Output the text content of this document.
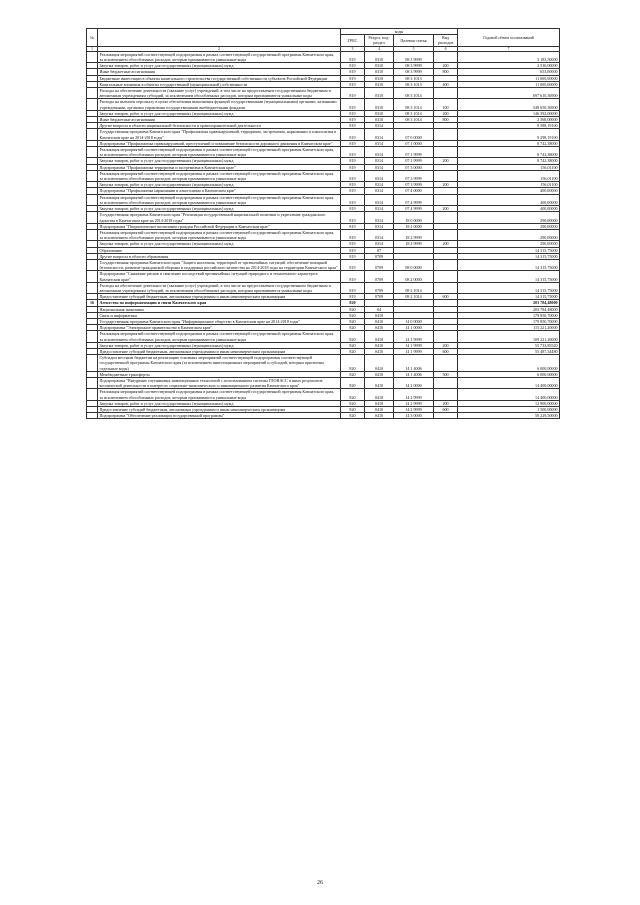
№		коды				Годовой объем ассигнований
		ГРБС	Раздел, под-раздел	Целевая статья	Вид расходов	
1	2	3	4	5	6	7
	Реализация мероприятий соответствующей подпрограммы в рамках соответствующей государственной программы Камчатского края, за исключением обособленных расходов, которым присваиваются уникальные коды	819	0310	08 3 9999		3 183,50000
	Закупка товаров, работ и услуг для государственных (муниципальных) нужд	819	0310	08 3 9999	200	2 530,00000
	Иные бюджетные ассигнования	819	0310	08 3 9999	800	653,00000
	Бюджетные инвестиции в объекты капитального строительства государственной собственности субъектов Российской Федерации	819	0310	08 3 1013		11 000,00000
	Капитальные вложения в объекты государственной (муниципальной) собственности	819	0310	08 3 1013	400	11 000,00000
	Расходы на обеспечение деятельности (оказание услуг) учреждений, в том числе на предоставление государственным бюджетным и автономным учреждениям субсидий, за исключением обособленных расходов, которым присваиваются уникальные коды	819	0310	08 3 1014		697 610,36900
	Расходы на выплаты персоналу в целях обеспечения выполнения функций государственными (муниципальными) органами, казенными учреждениями, органами управления государственными внебюджетными фондами	819	0310	08 3 1014	100	548 650,36900
	Закупка товаров, работ и услуг для государственных (муниципальных) нужд	819	0310	08 3 1014	200	146 392,00000
	Иные бюджетные ассигнования	819	0310	08 3 1014	800	2 568,00000
	Другие вопросы в области национальной безопасности и правоохранительной деятельности	819	0314			9 588,19100
	Государственная программа Камчатского края "Профилактика правонарушений, терроризма, экстремизма, наркомании и алкоголизма в Камчатском крае на 2014-2018 годы"	819	0314	07 0 0000		9 298,19100
	Подпрограмма "Профилактика правонарушений, преступлений и повышение безопасности дорожного движения в Камчатском крае"	819	0314	07 1 0000		8 742,38000
	Реализация мероприятий соответствующей подпрограммы в рамках соответствующей государственной программы Камчатского края, за исключением обособленных расходов, которым присваиваются уникальные коды	819	0314	07 1 9999		8 742,38000
	Закупка товаров, работ и услуг для государственных (муниципальных) нужд	819	0314	07 1 9999	200	8 742,38000
	Подпрограмма "Профилактика терроризма и экстремизма в Камчатском крае"	819	0314	07 3 0000		156,01100
	Реализация мероприятий соответствующей подпрограммы в рамках соответствующей государственной программы Камчатского края, за исключением обособленных расходов, которым присваиваются уникальные коды	819	0314	07 3 9999		156,01100
	Закупка товаров, работ и услуг для государственных (муниципальных) нужд	819	0314	07 3 9999	200	156,01100
	Подпрограмма "Профилактика наркомании и алкоголизма в Камчатском крае"	819	0314	07 4 0000		400,00000
	Реализация мероприятий соответствующей подпрограммы в рамках соответствующей государственной программы Камчатского края, за исключением обособленных расходов, которым присваиваются уникальные коды	819	0314	07 4 9999		400,00000
	Закупка товаров, работ и услуг для государственных (муниципальных) нужд	819	0314	07 4 9999	200	400,00000
	Государственная программа Камчатского края "Реализация государственной национальной политики и укрепление гражданского единства в Камчатском крае на 2014-2018 годы"	819	0314	18 0 0000		290,00000
	Подпрограмма "Патриотическое воспитание граждан Российской Федерации в Камчатском крае"	819	0314	18 2 0000		290,00000
	Реализация мероприятий соответствующей подпрограммы в рамках соответствующей государственной программы Камчатского края, за исключением обособленных расходов, которым присваиваются уникальные коды	819	0314	18 2 9999		290,00000
	Закупка товаров, работ и услуг для государственных (муниципальных) нужд	819	0314	18 2 9999	200	290,00000
	Образование	819	07			14 315,75000
	Другие вопросы в области образования	819	0709			14 315,75000
	Государственная программа Камчатского края "Защита населения, территорий от чрезвычайных ситуаций, обеспечение пожарной безопасности, развитие гражданской обороны и поддержка российского казачества на 2014-2018 годы на территории Камчатского края"	819	0709	08 0 0000		14 315,75000
	Подпрограмма "Снижение рисков и смягчение последствий чрезвычайных ситуаций природного и техногенного характера в Камчатском крае"	819	0709	08 2 0000		14 315,75000
	Расходы на обеспечение деятельности (оказание услуг) учреждений, в том числе на предоставление государственным бюджетным и автономным учреждениям субсидий, за исключением обособленных расходов, которым присваиваются уникальные коды	819	0709	08 2 1014		14 315,75000
	Предоставление субсидий бюджетным, автономным учреждениям и иным некоммерческим организациям	819	0709	08 2 1014	600	14 315,75000
16	Агентство по информатизации и связи Камчатского края	820				203 784,48000
	Национальная экономика	820	04			203 784,48000
	Связь и информатика	820	0410			179 850,70000
	Государственная программа Камчатского края "Информационное общество в Камчатском крае на 2014-2018 годы"	820	0410	14 0 0000		179 850,70000
	Подпрограмма "Электронное правительство в Камчатском крае"	820	0410	14 1 0000		115 221,20000
	Реализация мероприятий соответствующей подпрограммы в рамках соответствующей государственной программы Камчатского края, за исключением обособленных расходов, которым присваиваются уникальные коды	820	0410	14 1 9999		109 221,20000
	Закупка товаров, работ и услуг для государственных (муниципальных) нужд	820	0410	14 1 9999	200	53 733,85520
	Предоставление субсидий бюджетным, автономным учреждениям и иным некоммерческим организациям	820	0410	14 1 9999	600	55 487,34480
	Субсидии местным бюджетам на реализацию основных мероприятий соответствующей подпрограммы соответствующей государственной программы Камчатского края (за исключением инвестиционных мероприятий и субсидий, которым присвоены отдельные коды)	820	0410	14 1 4006		6 000,00000
	Межбюджетные трансферты	820	0410	14 1 4006	500	6 000,00000
	Подпрограмма "Внедрение спутниковых навигационных технологий с использованием системы ГЛОНАСС и иных результатов космической деятельности в интересах социально-экономического и инновационного развития Камчатского края"	820	0410	14 2 0000		14 400,00000
	Реализация мероприятий соответствующей подпрограммы в рамках соответствующей государственной программы Камчатского края, за исключением обособленных расходов, которым присваиваются уникальные коды	820	0410	14 2 9999		14 400,00000
	Закупка товаров, работ и услуг для государственных (муниципальных) нужд	820	0410	14 2 9999	200	12 900,00000
	Предоставление субсидий бюджетным, автономным учреждениям и иным некоммерческим организациям	820	0410	14 2 9999	600	1 500,00000
	Подпрограмма "Обеспечение реализации государственной программы"	820	0410	14 3 0000		50 229,50000
26
